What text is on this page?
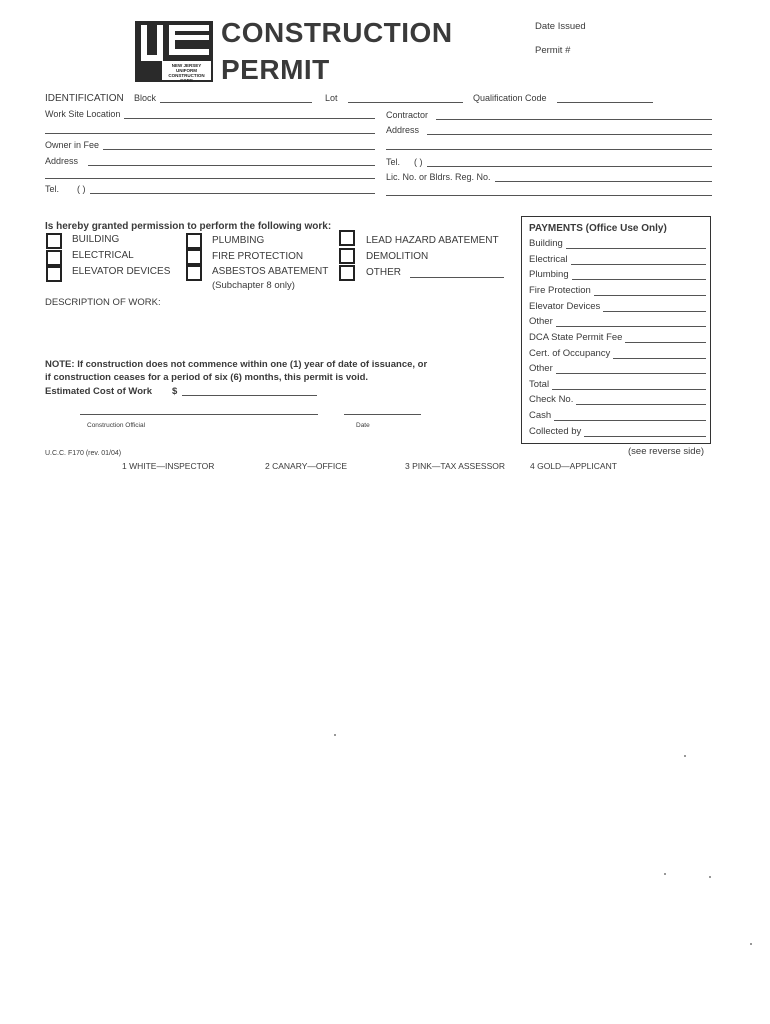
NEW JERSEY
UNIFORM CONSTRUCTION
CODE
CONSTRUCTION
PERMIT
Date Issued
Permit #
IDENTIFICATION Block	Lot	Qualification Code
Work Site Location
Owner in Fee
Address
Tel. ( )
Contractor
Address
Tel. ( )
Lic. No. or Bldrs. Reg. No.
Is hereby granted permission to perform the following work:
BUILDING
ELECTRICAL
ELEVATOR DEVICES
PLUMBING
FIRE PROTECTION
ASBESTOS ABATEMENT
(Subchapter 8 only)
LEAD HAZARD ABATEMENT
DEMOLITION
OTHER
DESCRIPTION OF WORK:
NOTE: If construction does not commence within one (1) year of date of issuance, or
if construction ceases for a period of six (6) months, this permit is void.
Estimated Cost of Work $
Construction Official	Date
PAYMENTS (Office Use Only)
Building
Electrical
Plumbing
Fire Protection
Elevator Devices
Other
DCA State Permit Fee
Cert. of Occupancy
Other
Total
Check No.
Cash
Collected by
U.C.C. F170 (rev. 01/04)	(see reverse side)
1 WHITE—INSPECTOR	2 CANARY—OFFICE	3 PINK—TAX ASSESSOR	4 GOLD—APPLICANT
